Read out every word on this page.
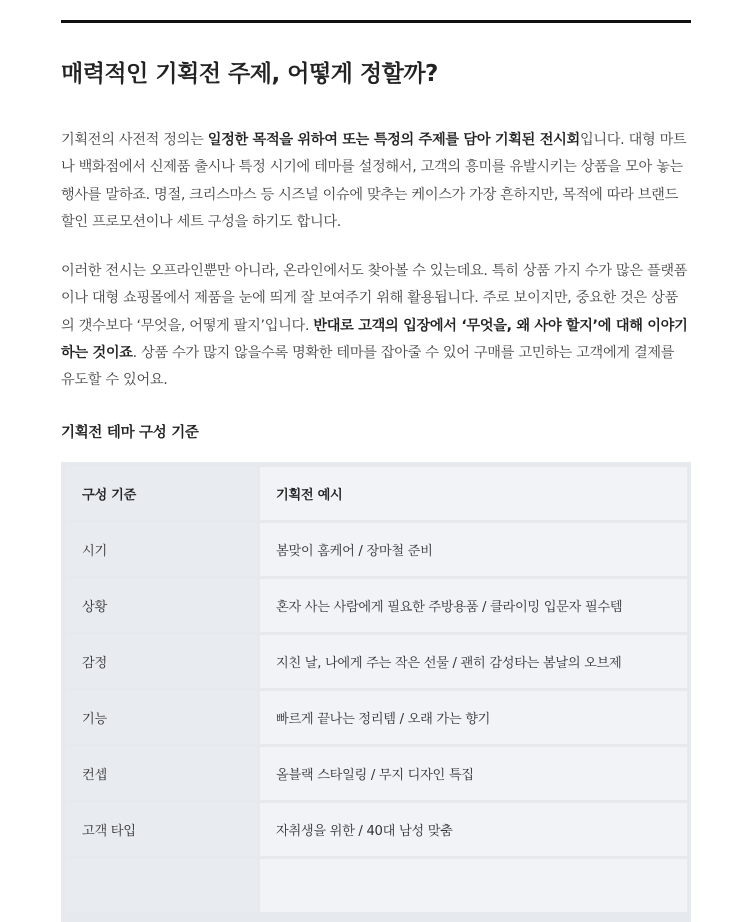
매력적인 기획전 주제, 어떻게 정할까?

기획전의 사전적 정의는 일정한 목적을 위하여 또는 특정의 주제를 담아 기획된 전시회입니다. 대형 마트나 백화점에서 신제품 출시나 특정 시기에 테마를 설정해서, 고객의 흥미를 유발시키는 상품을 모아 놓는 행사를 말하죠. 명절, 크리스마스 등 시즈널 이슈에 맞추는 케이스가 가장 흔하지만, 목적에 따라 브랜드 할인 프로모션이나 세트 구성을 하기도 합니다.

이러한 전시는 오프라인뿐만 아니라, 온라인에서도 찾아볼 수 있는데요. 특히 상품 가지 수가 많은 플랫폼이나 대형 쇼핑몰에서 제품을 눈에 띄게 잘 보여주기 위해 활용됩니다. 주로 보이지만, 중요한 것은 상품의 갯수보다 ‘무엇을, 어떻게 팔지’입니다. 반대로 고객의 입장에서 ‘무엇을, 왜 사야 할지’에 대해 이야기하는 것이죠. 상품 수가 많지 않을수록 명확한 테마를 잡아줄 수 있어 구매를 고민하는 고객에게 결제를 유도할 수 있어요.

기획전 테마 구성 기준
구성 기준	기획전 예시
시기	봄맞이 홈케어 / 장마철 준비
상황	혼자 사는 사람에게 필요한 주방용품 / 클라이밍 입문자 필수템
감정	지친 날, 나에게 주는 작은 선물 / 괜히 감성타는 봄날의 오브제
기능	빠르게 끝나는 정리템 / 오래 가는 향기
컨셉	올블랙 스타일링 / 무지 디자인 특집
고객 타입	자취생을 위한 / 40대 남성 맞춤
